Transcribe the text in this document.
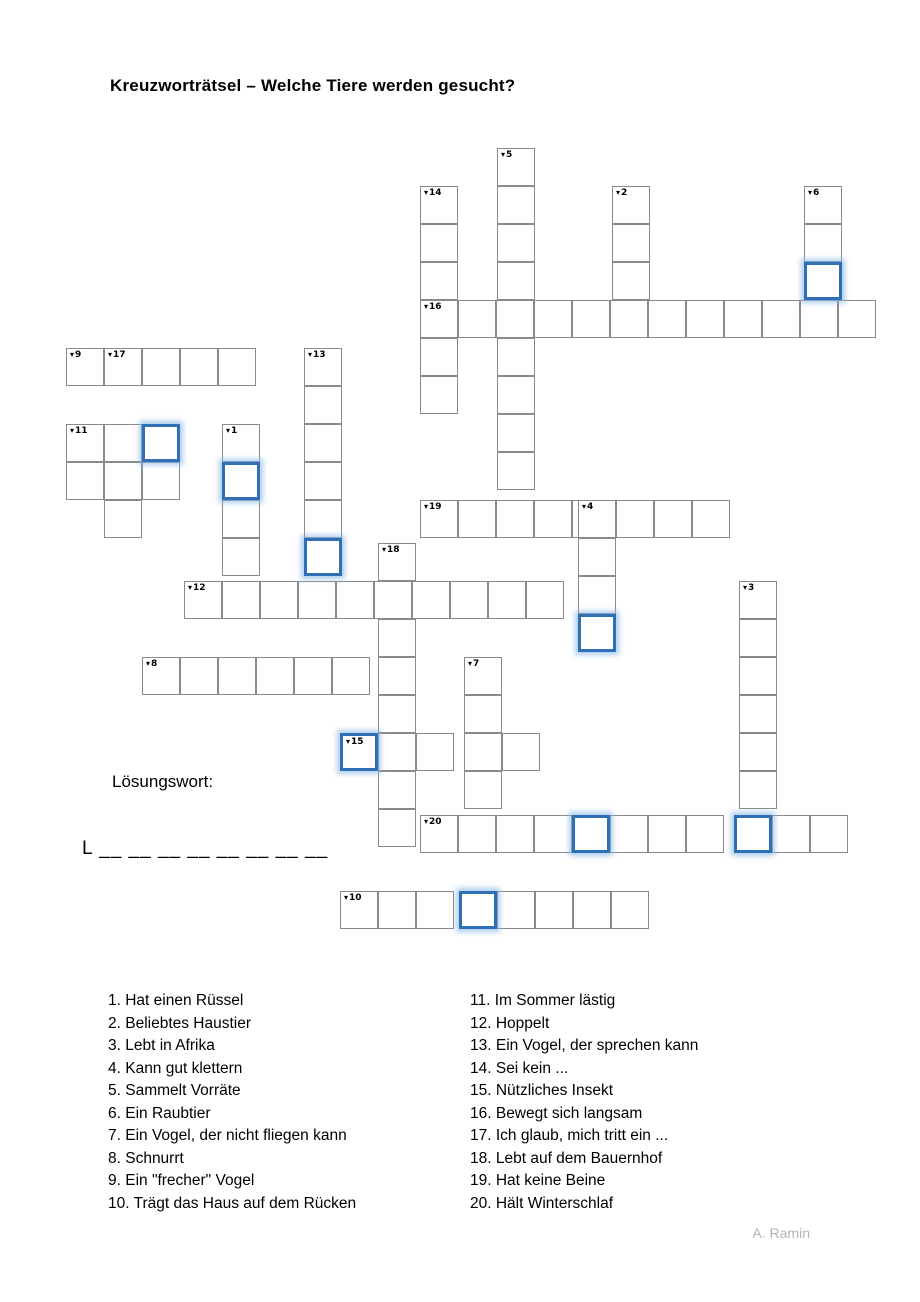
Kreuzworträtsel – Welche Tiere werden gesucht?
▾ 5
▾ 14	▾ 2	▾ 6
▾ 16
▾ 9	▾ 17	▾ 13
▾ 11	▾ 1
▾ 19	▾ 4
▾ 18
▾ 12	▾ 3
▾ 8	▾ 7
▾ 15
▾ 20
▾ 10
Lösungswort:
L __ __ __ __ __ __ __ __
1. Hat einen Rüssel
2. Beliebtes Haustier
3. Lebt in Afrika
4. Kann gut klettern
5. Sammelt Vorräte
6. Ein Raubtier
7. Ein Vogel, der nicht fliegen kann
8. Schnurrt
9. Ein "frecher" Vogel
10. Trägt das Haus auf dem Rücken
11. Im Sommer lästig
12. Hoppelt
13. Ein Vogel, der sprechen kann
14. Sei kein ...
15. Nützliches Insekt
16. Bewegt sich langsam
17. Ich glaub, mich tritt ein ...
18. Lebt auf dem Bauernhof
19. Hat keine Beine
20. Hält Winterschlaf
A. Ramin
